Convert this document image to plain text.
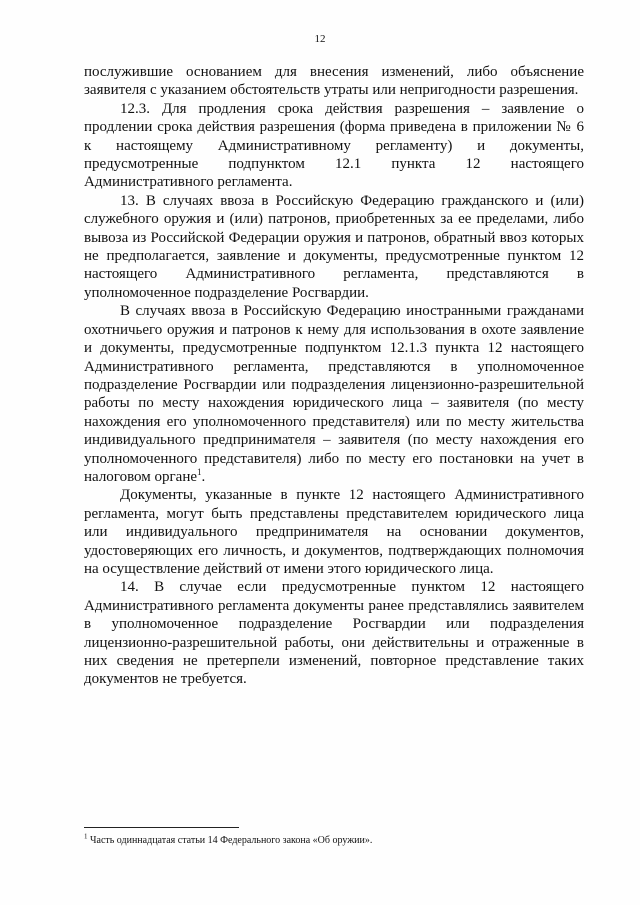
12

послужившие основанием для внесения изменений, либо объяснение заявителя с указанием обстоятельств утраты или непригодности разрешения.

12.3. Для продления срока действия разрешения – заявление о продлении срока действия разрешения (форма приведена в приложении № 6 к настоящему Административному регламенту) и документы, предусмотренные подпунктом 12.1 пункта 12 настоящего Административного регламента.

13. В случаях ввоза в Российскую Федерацию гражданского и (или) служебного оружия и (или) патронов, приобретенных за ее пределами, либо вывоза из Российской Федерации оружия и патронов, обратный ввоз которых не предполагается, заявление и документы, предусмотренные пунктом 12 настоящего Административного регламента, представляются в уполномоченное подразделение Росгвардии.

В случаях ввоза в Российскую Федерацию иностранными гражданами охотничьего оружия и патронов к нему для использования в охоте заявление и документы, предусмотренные подпунктом 12.1.3 пункта 12 настоящего Административного регламента, представляются в уполномоченное подразделение Росгвардии или подразделения лицензионно-разрешительной работы по месту нахождения юридического лица – заявителя (по месту нахождения его уполномоченного представителя) или по месту жительства индивидуального предпринимателя – заявителя (по месту нахождения его уполномоченного представителя) либо по месту его постановки на учет в налоговом органе$^1$.

Документы, указанные в пункте 12 настоящего Административного регламента, могут быть представлены представителем юридического лица или индивидуального предпринимателя на основании документов, удостоверяющих его личность, и документов, подтверждающих полномочия на осуществление действий от имени этого юридического лица.

14. В случае если предусмотренные пунктом 12 настоящего Административного регламента документы ранее представлялись заявителем в уполномоченное подразделение Росгвардии или подразделения лицензионно-разрешительной работы, они действительны и отраженные в них сведения не претерпели изменений, повторное представление таких документов не требуется.

$^1$ Часть одиннадцатая статьи 14 Федерального закона «Об оружии».
